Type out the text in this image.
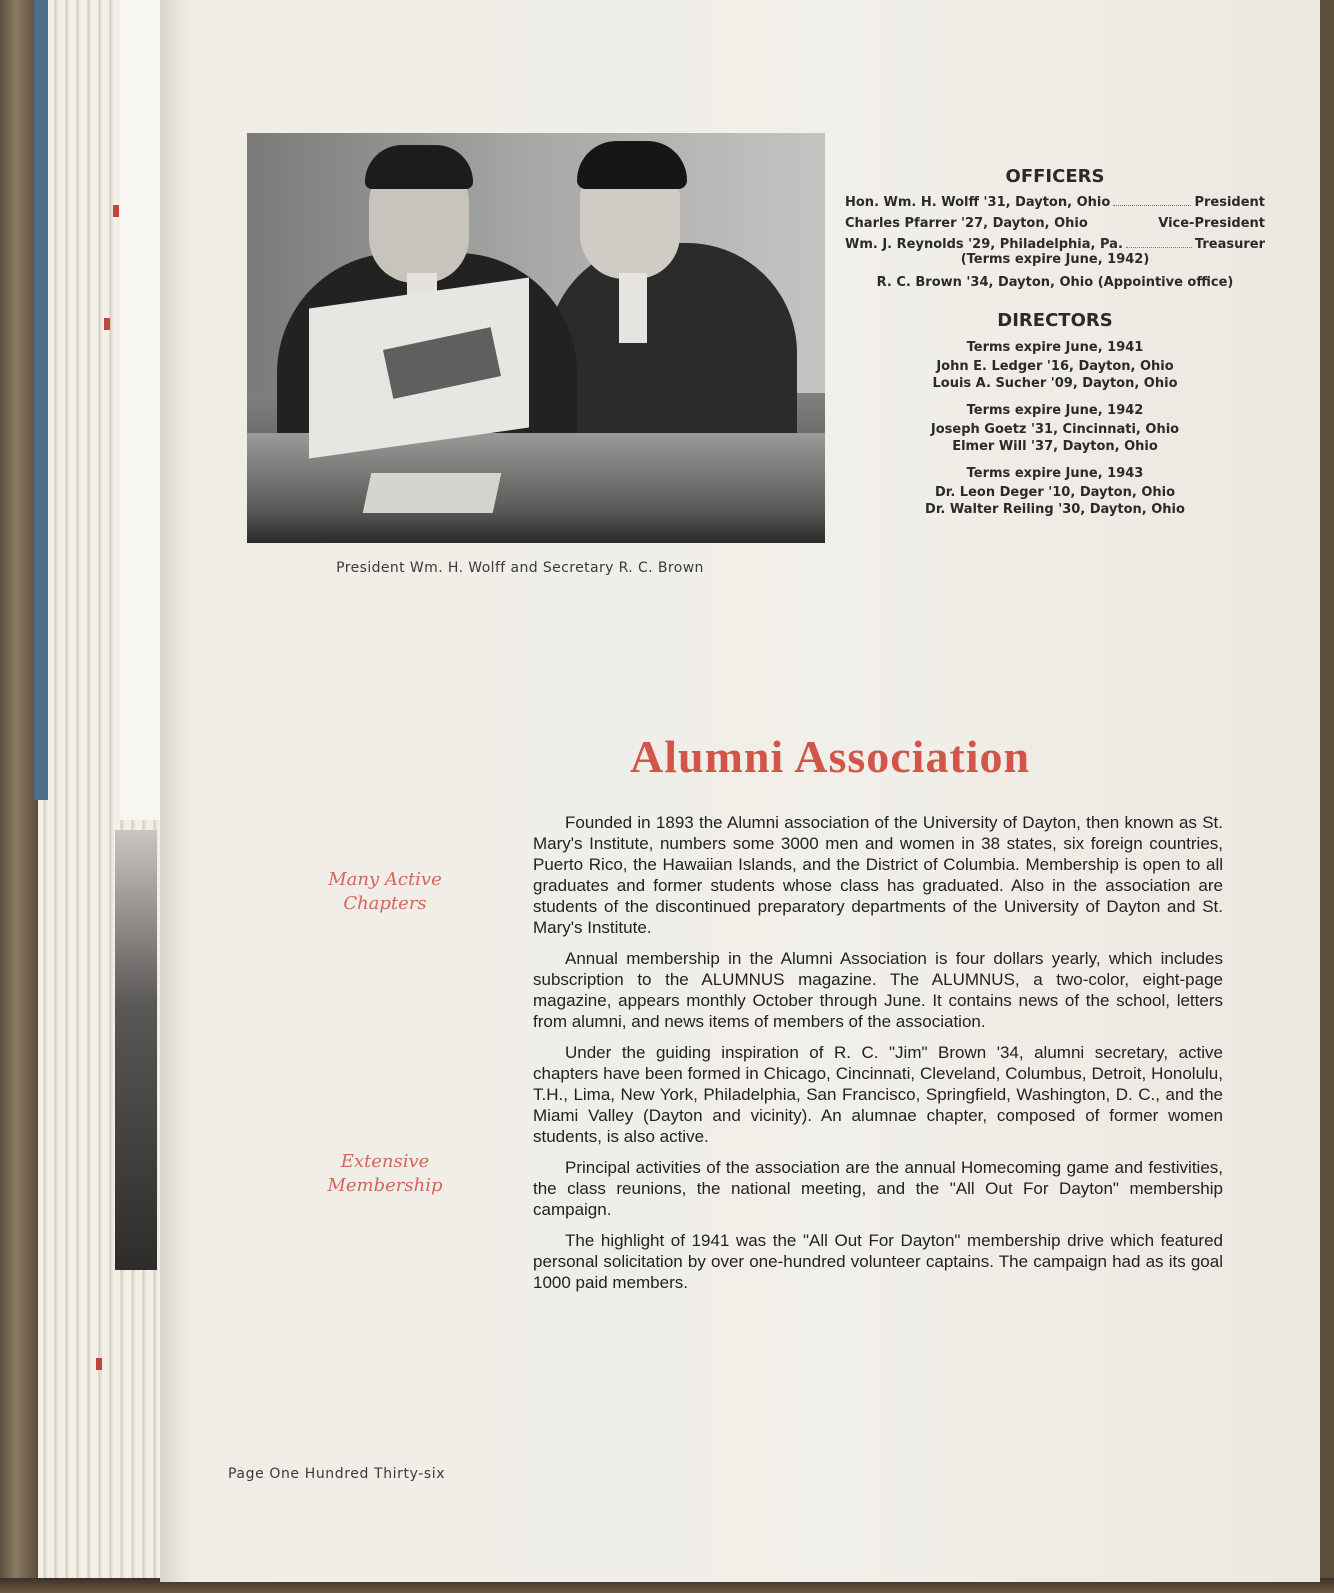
President Wm. H. Wolff and Secretary R. C. Brown
OFFICERS
Hon. Wm. H. Wolff '31, Dayton, Ohio	President
Charles Pfarrer '27, Dayton, Ohio	Vice-President
Wm. J. Reynolds '29, Philadelphia, Pa.	Treasurer
(Terms expire June, 1942)
R. C. Brown '34, Dayton, Ohio (Appointive office)
DIRECTORS
Terms expire June, 1941
John E. Ledger '16, Dayton, Ohio
Louis A. Sucher '09, Dayton, Ohio
Terms expire June, 1942
Joseph Goetz '31, Cincinnati, Ohio
Elmer Will '37, Dayton, Ohio
Terms expire June, 1943
Dr. Leon Deger '10, Dayton, Ohio
Dr. Walter Reiling '30, Dayton, Ohio
Alumni Association
Many Active
Chapters
Extensive
Membership

Founded in 1893 the Alumni association of the University of Dayton, then known as St. Mary's Institute, numbers some 3000 men and women in 38 states, six foreign countries, Puerto Rico, the Hawaiian Islands, and the District of Columbia. Membership is open to all graduates and former students whose class has graduated. Also in the association are students of the discontinued preparatory departments of the University of Dayton and St. Mary's Institute.

Annual membership in the Alumni Association is four dollars yearly, which includes subscription to the ALUMNUS magazine. The ALUMNUS, a two-color, eight-page magazine, appears monthly October through June. It contains news of the school, letters from alumni, and news items of members of the association.

Under the guiding inspiration of R. C. "Jim" Brown '34, alumni secretary, active chapters have been formed in Chicago, Cincinnati, Cleveland, Columbus, Detroit, Honolulu, T.H., Lima, New York, Philadelphia, San Francisco, Springfield, Washington, D. C., and the Miami Valley (Dayton and vicinity). An alumnae chapter, composed of former women students, is also active.

Principal activities of the association are the annual Homecoming game and festivities, the class reunions, the national meeting, and the "All Out For Dayton" membership campaign.

The highlight of 1941 was the "All Out For Dayton" membership drive which featured personal solicitation by over one-hundred volunteer captains. The campaign had as its goal 1000 paid members.

Page One Hundred Thirty-six
